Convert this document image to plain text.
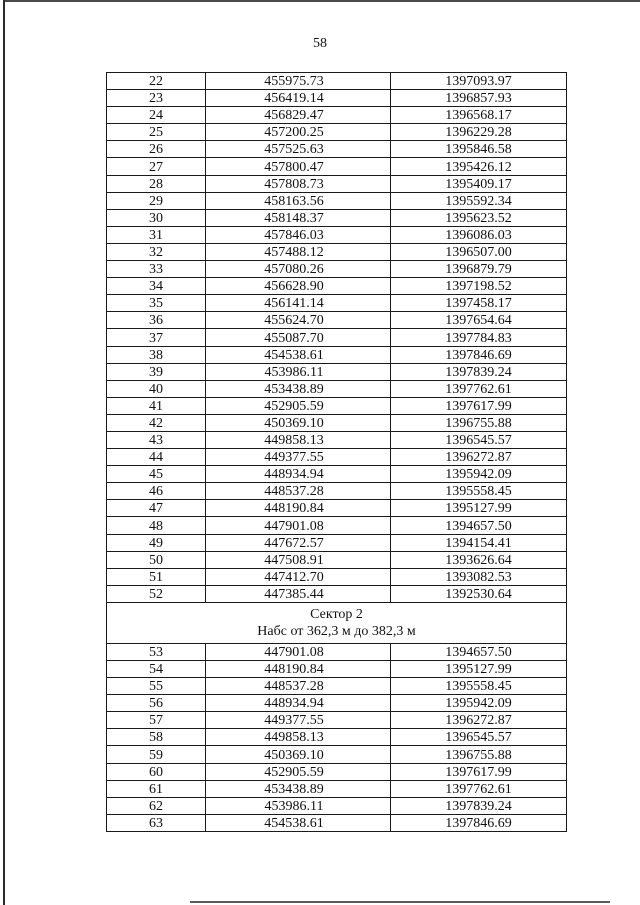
58
22	455975.73	1397093.97
23	456419.14	1396857.93
24	456829.47	1396568.17
25	457200.25	1396229.28
26	457525.63	1395846.58
27	457800.47	1395426.12
28	457808.73	1395409.17
29	458163.56	1395592.34
30	458148.37	1395623.52
31	457846.03	1396086.03
32	457488.12	1396507.00
33	457080.26	1396879.79
34	456628.90	1397198.52
35	456141.14	1397458.17
36	455624.70	1397654.64
37	455087.70	1397784.83
38	454538.61	1397846.69
39	453986.11	1397839.24
40	453438.89	1397762.61
41	452905.59	1397617.99
42	450369.10	1396755.88
43	449858.13	1396545.57
44	449377.55	1396272.87
45	448934.94	1395942.09
46	448537.28	1395558.45
47	448190.84	1395127.99
48	447901.08	1394657.50
49	447672.57	1394154.41
50	447508.91	1393626.64
51	447412.70	1393082.53
52	447385.44	1392530.64

Сектор 2
Набс от 362,3 м до 382,3 м		

53	447901.08	1394657.50
54	448190.84	1395127.99
55	448537.28	1395558.45
56	448934.94	1395942.09
57	449377.55	1396272.87
58	449858.13	1396545.57
59	450369.10	1396755.88
60	452905.59	1397617.99
61	453438.89	1397762.61
62	453986.11	1397839.24
63	454538.61	1397846.69
